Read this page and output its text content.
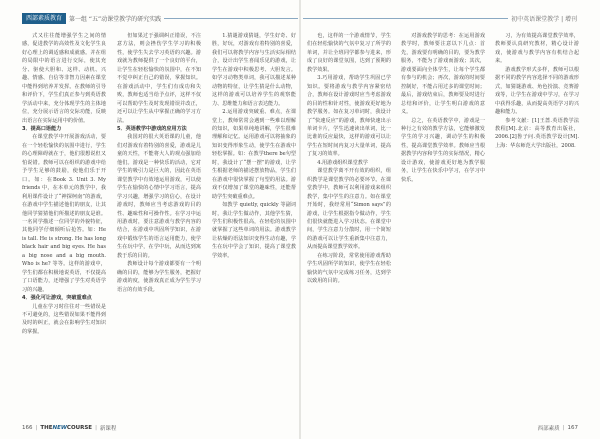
西部素质教育	第一组 “五”动课堂教学的研究实践	初中英语课堂教学 | 增刊

式又往往能增强学生之间的情感，促进教学的高效性及文化学生良好心理上的调适感和成就感。并在组的局限中的语言进行交际，使其充分、驱使大胆和、这样、动机、兴趣、情感、自信等非智力因素在课堂中能得到培养并发挥。在教师的引导和评价下，学生们真正参与到英语教学活动中来，充分体现学生的主体地位，充分展示语言的交际功能，反映出语言在实际运用中的价值。

3．提高口语能力

在课堂教学中开展游戏活动，要在一个轻松愉快的氛围中进行，学生的心理障碍就在于，他们很想说但又怕说错。教师可以在组织的游戏中给予学生足够的鼓励，使他们乐于开口。如：在Book 3. Unit 3. My friends 中，在本单元的教学中，我利用课件设计了“神探柯南”的游戏，在游戏中学生描述他们的朋友，让其他同学猜猜他们所描述的朋友是谁。一名同学描述一位同学的外貌特征，其他同学仔细倾听后抢答。如：He is tall. He is strong. He has long black hair and big eyes. He has a big nose and a big mouth. Who is he? 等等。这样的游戏中，学生们都在积极地说英语，不仅提高了口语能力，还增强了学生对英语学习的兴趣。

4．强化可让游戏，突破重难点

儿童在学习时往往对一些错误是不可避免的，这些错误如果不能得到及时的纠正，就会在影响学生对知识的掌握。

但如果过于强调纠正错误，不注意方法，则会挫伤学生学习的积极性，使学生失去学习英语的兴趣。游戏就为教师提供了一个良好的平台，让学生在轻松愉快的氛围中，在不知不觉中纠正自己的错误，掌握知识。在游戏活动中，学生们有成功和失败，教师也适当给予点评，这样不仅可以帮助学生及时发现错误并改正，还可以让学生从中掌握正确的学习方法。

5．英语教学中游戏的应用方法

我国对的很大英语课的儿童，他们对游戏有着特别的喜爱，游戏是儿童的天性，不能将大人的观点强加给他们。游戏是一种快乐的活动，它对学生的吸引力是巨大的，因此在英语课堂教学中有效地运用游戏，可以使学生在愉快的心情中学习语言，提高学习兴趣，增强学习的信心，在设计游戏时，教师应当考虑游戏的目的性、趣味性和可操作性。在学习中运用游戏时，要注意游戏与教学内容的结合，在游戏中巩固所学知识，在游戏中锻炼学生的语言运用能力，使学生在玩中学，在学中玩，从而达到寓教于乐的目的。

教师设计每个游戏都要有一个明确的目的，能够为学生服务，把握好游戏的度，使游戏真正成为学生学习语言的有效手段。

1.猜谜游戏猜谜，学生好奇、好胜，好玩，对游戏有着特别的喜爱，我们可以将教学内容与生活实际相结合，设计出学生喜闻乐见的游戏，让学生在游戏中积极思考、大胆发言。如学习动物类单词，我可以描述某种动物的特征，让学生猜是什么动物，这样的游戏可以培养学生的观察能力、思维能力和语言表达能力。

2.运用游戏突破重、难点，在课堂上，教师常常会遇到一些难以理解的知识，如果单纯地讲解，学生很难理解和记忆。运用游戏可以将抽象的知识变得形象生动，使学生在游戏中轻松掌握。如：在教学there be句型时，我设计了“摆一摆”的游戏，让学生根据老师的描述摆放物品，学生们在游戏中很快掌握了句型的用法。游戏不仅增加了课堂的趣味性，还能帮助学生突破重难点。

如教学 quietly, quickly 等副词时，我让学生做动作，其他学生猜，学生们积极性很高，在轻松的氛围中就掌握了这些单词的用法。游戏教学让枯燥的语法知识变得生动有趣，学生在玩中学会了知识，提高了课堂教学效率。

也，这样的一个游戏情节，学生们在轻松愉快的气氛中复习了所学的单词，并让全班同学都参与进来，形成了良好的课堂氛围，达到了预期的教学效果。

3.巧用游戏，帮助学生巩固已学知识。要将游戏与教学内容紧密结合，教师在设计游戏时应当考虑游戏的目的性和针对性，使游戏更好地为教学服务。如在复习单词时，我设计了“快速反应”的游戏，教师快速出示单词卡片，学生迅速读出单词，比一比谁的反应最快，这样的游戏可以让学生在短时间内复习大量单词，提高了复习的效率。

4.用游戏组织课堂教学

课堂教学离不开有效的组织，组织教学是课堂教学的必要环节。在课堂教学中，教师可以利用游戏来组织教学，集中学生的注意力。如在课堂开始时，我经常用“Simon says”的游戏，让学生根据指令做动作，学生们很快就能进入学习状态。在课堂中间，学生注意力分散时，用一个简短的游戏可以让学生重新集中注意力，从而提高课堂教学效率。

在练习阶段，常常使用游戏帮助学生巩固所学的知识，使学生在轻松愉快的气氛中完成练习任务，达到学以致用的目的。

对游戏教学的思考：在运用游戏教学时，教师要注意以下几点：首先，游戏要有明确的目的，要为教学服务，不能为了游戏而游戏；其次，游戏要面向全体学生，让每个学生都有参与的机会；再次，游戏的时间要控制好，不能占用过多的课堂时间；最后，游戏结束后，教师要及时进行总结和评价，让学生明白游戏的意义。

总之，在英语教学中，游戏是一种行之有效的教学方法，它能够激发学生的学习兴趣，调动学生的积极性，提高课堂教学效率。教师应当根据教学内容和学生的实际情况，精心设计游戏，使游戏更好地为教学服务，让学生在快乐中学习，在学习中快乐。

习，为有效提高课堂教学效率，教师要认真研究教材，精心设计游戏，使游戏与教学内容有机结合起来。

游戏教学形式多样，教师可以根据不同的教学内容选择不同的游戏形式，如猜谜游戏、角色扮演、竞赛游戏等，让学生在游戏中学习，在学习中获得乐趣，从而提高英语学习的兴趣和能力。

参考文献：[1]王蔷.英语教学法教程[M].北京：高等教育出版社，2006.[2]鲁子问.英语教学设计[M].上海：华东师范大学出版社，2008.

166 | THE NEW COURSE | 新课程	西部素质 | 167
